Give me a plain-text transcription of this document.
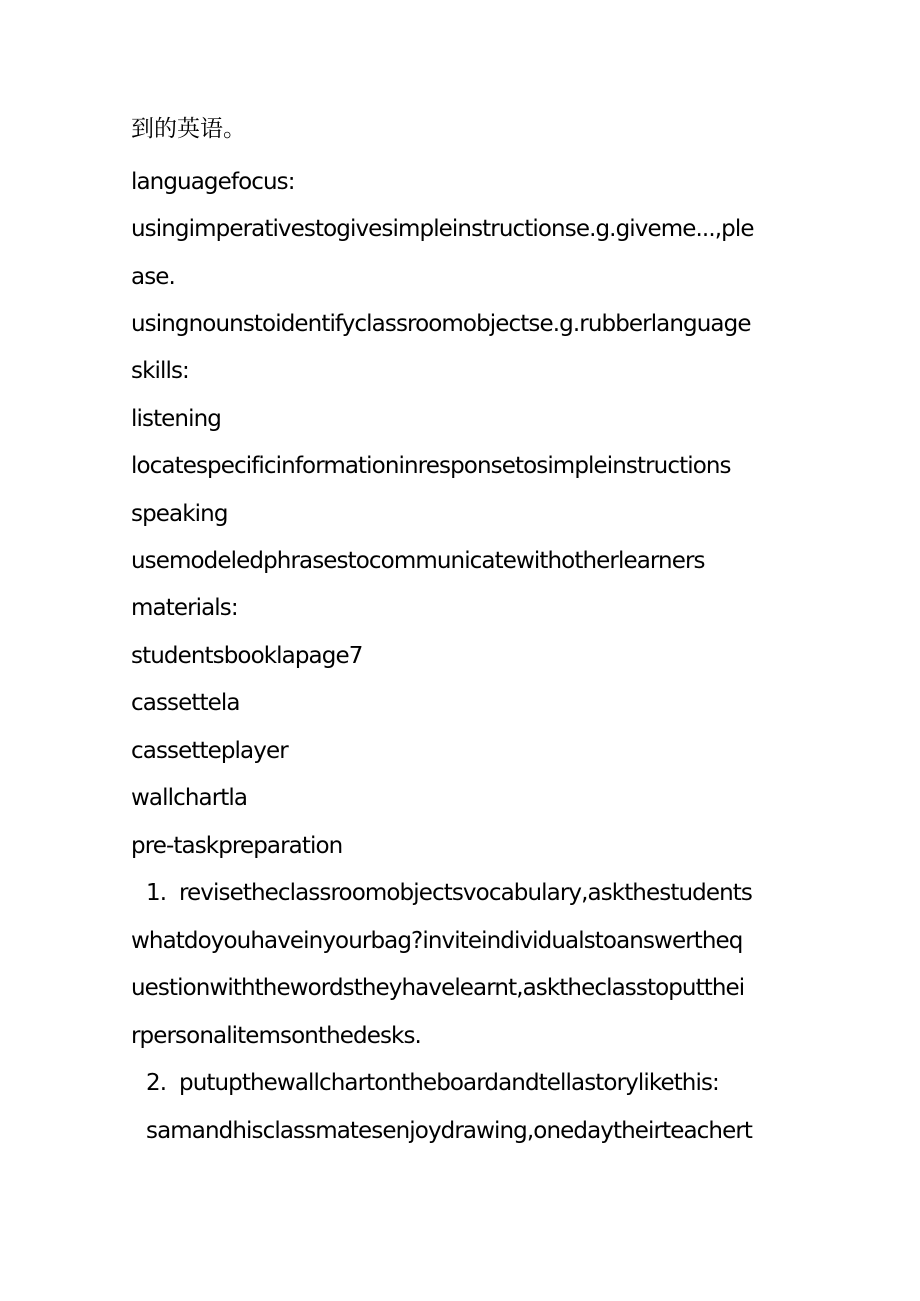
到的英语。
languagefocus:
usingimperativestogivesimpleinstructionse.g.giveme...,ple
ase.
usingnounstoidentifyclassroomobjectse.g.rubberlanguage
skills:
listening
locatespecificinformationinresponsetosimpleinstructions
speaking
usemodeledphrasestocommunicatewithotherlearners
materials:
studentsbooklapage7
cassettela
cassetteplayer
wallchartla
pre-taskpreparation
1. revisetheclassroomobjectsvocabulary,askthestudents
whatdoyouhaveinyourbag?inviteindividualstoanswertheq
uestionwiththewordstheyhavelearnt,asktheclasstoputthei
rpersonalitemsonthedesks.
2. putupthewallchartontheboardandtellastorylikethis:
samandhisclassmatesenjoydrawing,onedaytheirteachert
